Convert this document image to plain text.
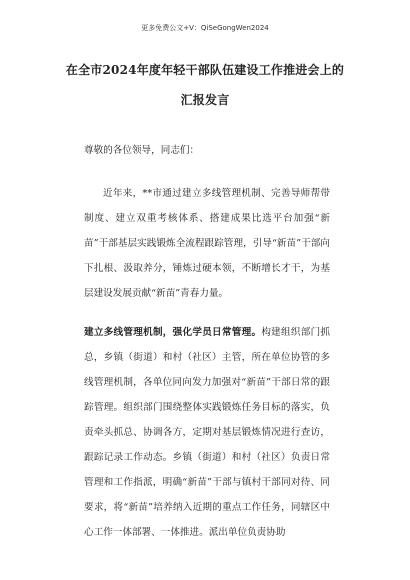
更多免费公文+V：QiSeGongWen2024
在全市2024年度年轻干部队伍建设工作推进会上的汇报发言

尊敬的各位领导，同志们：

近年来，**市通过建立多线管理机制、完善导师帮带制度、建立双重考核体系、搭建成果比选平台加强“新苗”干部基层实践锻炼全流程跟踪管理，引导“新苗”干部向下扎根、汲取养分，锤炼过硬本领，不断增长才干，为基层建设发展贡献“新苗”青春力量。

建立多线管理机制，强化学员日常管理。构建组织部门抓总，乡镇（街道）和村（社区）主管，所在单位协管的多线管理机制，各单位同向发力加强对“新苗”干部日常的跟踪管理。组织部门围绕整体实践锻炼任务目标的落实，负责牵头抓总、协调各方，定期对基层锻炼情况进行查访，跟踪记录工作动态。乡镇（街道）和村（社区）负责日常管理和工作指派，明确“新苗”干部与镇村干部同对待、同要求，将“新苗”培养纳入近期的重点工作任务，同辖区中心工作一体部署、一体推进。派出单位负责协助
